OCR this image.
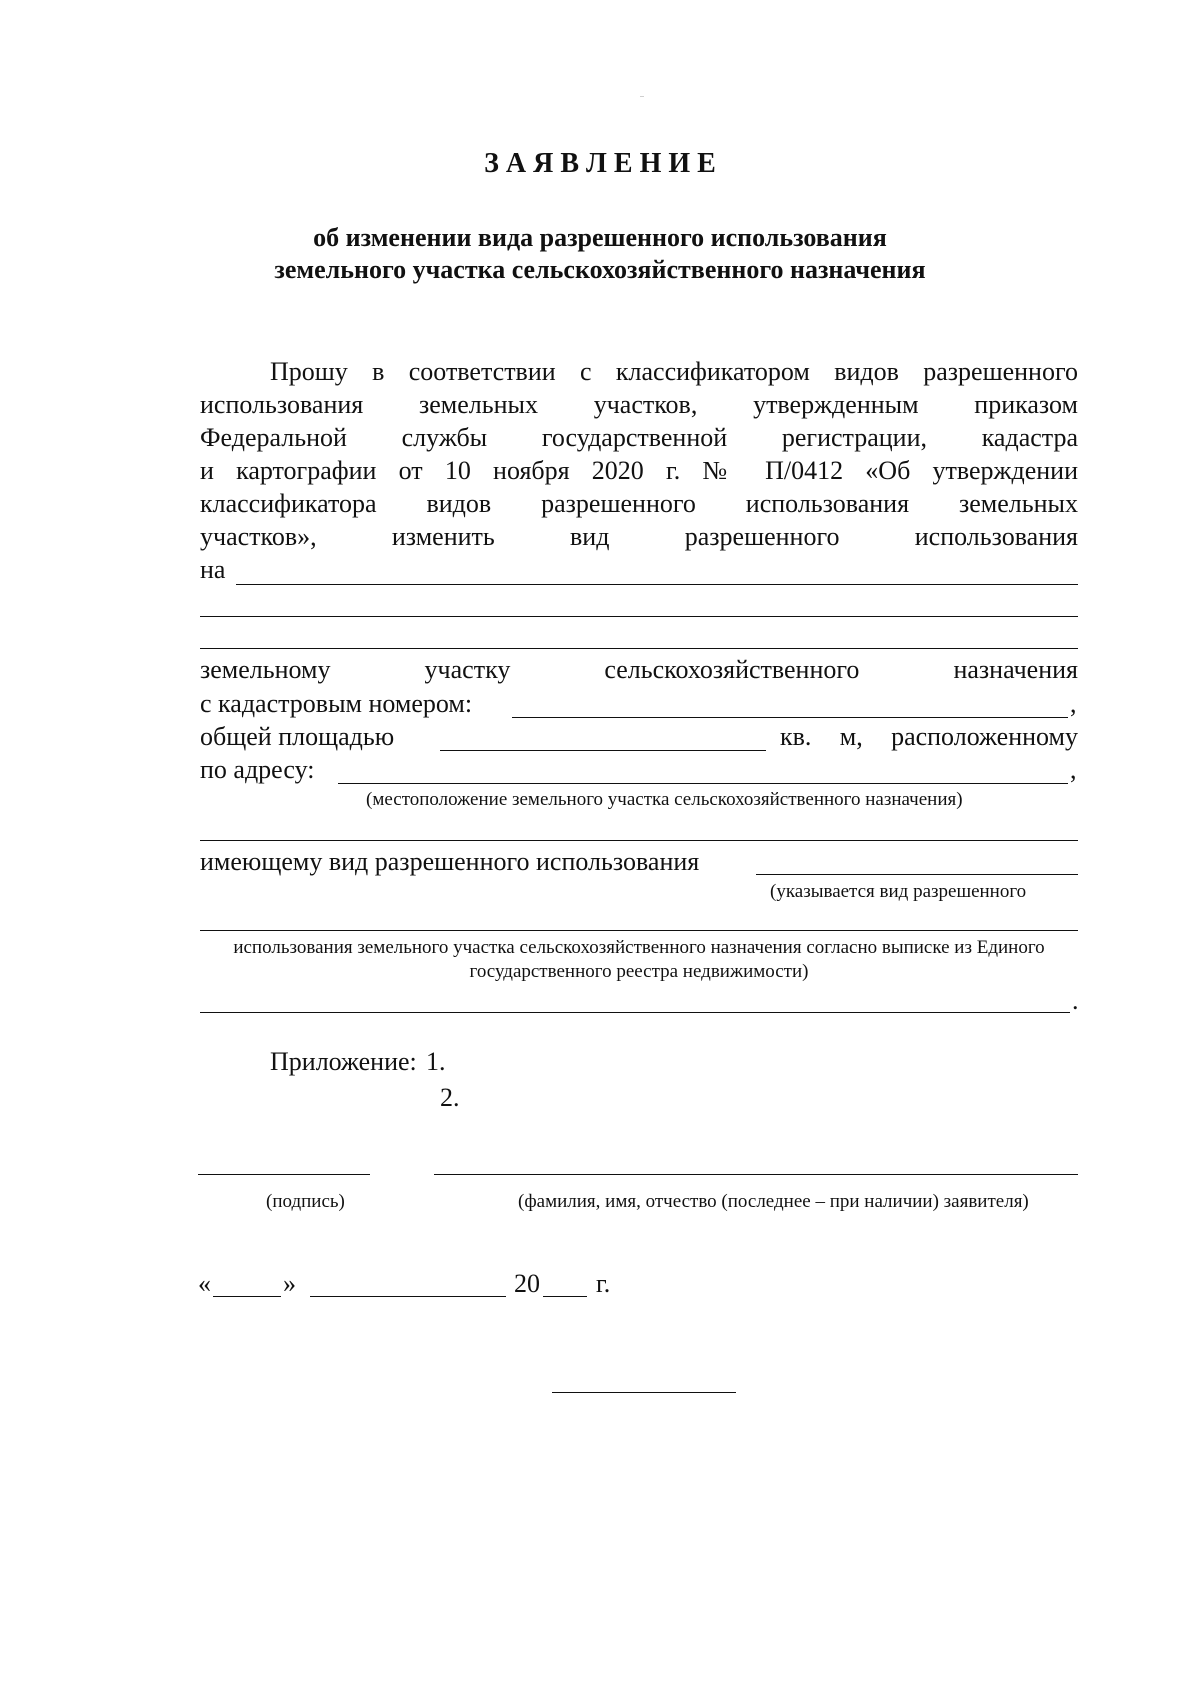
З А Я В Л Е Н И Е
об изменении вида разрешенного использования
земельного участка сельскохозяйственного назначения
Прошу в соответствии с классификатором видов разрешенного
использования земельных участков, утвержденным приказом
Федеральной службы государственной регистрации, кадастра
и картографии от 10 ноября 2020 г. № П/0412 «Об утверждении
классификатора видов разрешенного использования земельных
участков», изменить вид разрешенного использования
на
земельному участку сельскохозяйственного назначения
с кадастровым номером:	,
общей площадью	кв. м, расположенному
по адресу:	,
(местоположение земельного участка сельскохозяйственного назначения)
имеющему вид разрешенного использования
(указывается вид разрешенного
использования земельного участка сельскохозяйственного назначения согласно выписке из Единого
государственного реестра недвижимости)
.
Приложение: 1.
2.
(подпись)	(фамилия, имя, отчество (последнее – при наличии) заявителя)
«	»	20 г.
